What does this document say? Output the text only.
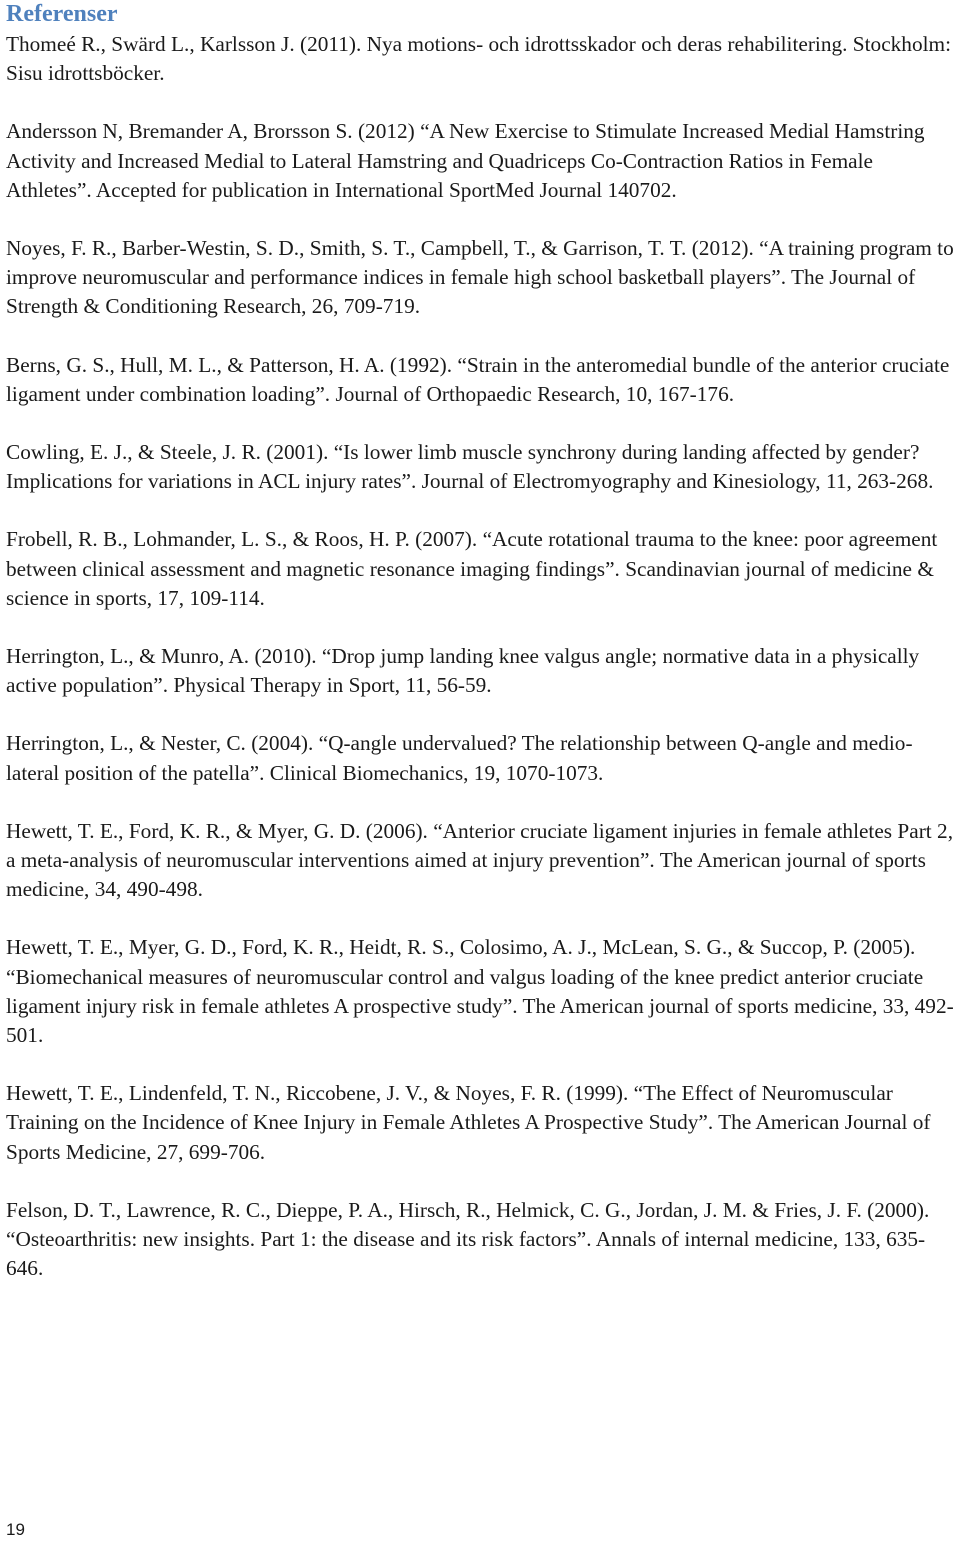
Referenser

Thomeé R., Swärd L., Karlsson J. (2011). Nya motions- och idrottsskador och deras rehabilitering. Stockholm: Sisu idrottsböcker.

Andersson N, Bremander A, Brorsson S. (2012) “A New Exercise to Stimulate Increased Medial Hamstring Activity and Increased Medial to Lateral Hamstring and Quadriceps Co-Contraction Ratios in Female Athletes”. Accepted for publication in International SportMed Journal 140702.

Noyes, F. R., Barber-Westin, S. D., Smith, S. T., Campbell, T., & Garrison, T. T. (2012). “A training program to improve neuromuscular and performance indices in female high school basketball players”. The Journal of Strength & Conditioning Research, 26, 709-719.

Berns, G. S., Hull, M. L., & Patterson, H. A. (1992). “Strain in the anteromedial bundle of the anterior cruciate ligament under combination loading”. Journal of Orthopaedic Research, 10, 167-176.

Cowling, E. J., & Steele, J. R. (2001). “Is lower limb muscle synchrony during landing affected by gender? Implications for variations in ACL injury rates”. Journal of Electromyography and Kinesiology, 11, 263-268.

Frobell, R. B., Lohmander, L. S., & Roos, H. P. (2007). “Acute rotational trauma to the knee: poor agreement between clinical assessment and magnetic resonance imaging findings”. Scandinavian journal of medicine & science in sports, 17, 109-114.

Herrington, L., & Munro, A. (2010). “Drop jump landing knee valgus angle; normative data in a physically active population”. Physical Therapy in Sport, 11, 56-59.

Herrington, L., & Nester, C. (2004). “Q-angle undervalued? The relationship between Q-angle and medio-lateral position of the patella”. Clinical Biomechanics, 19, 1070-1073.

Hewett, T. E., Ford, K. R., & Myer, G. D. (2006). “Anterior cruciate ligament injuries in female athletes Part 2, a meta-analysis of neuromuscular interventions aimed at injury prevention”. The American journal of sports medicine, 34, 490-498.

Hewett, T. E., Myer, G. D., Ford, K. R., Heidt, R. S., Colosimo, A. J., McLean, S. G., & Succop, P. (2005). “Biomechanical measures of neuromuscular control and valgus loading of the knee predict anterior cruciate ligament injury risk in female athletes A prospective study”. The American journal of sports medicine, 33, 492-501.

Hewett, T. E., Lindenfeld, T. N., Riccobene, J. V., & Noyes, F. R. (1999). “The Effect of Neuromuscular Training on the Incidence of Knee Injury in Female Athletes A Prospective Study”. The American Journal of Sports Medicine, 27, 699-706.

Felson, D. T., Lawrence, R. C., Dieppe, P. A., Hirsch, R., Helmick, C. G., Jordan, J. M. & Fries, J. F. (2000). “Osteoarthritis: new insights. Part 1: the disease and its risk factors”. Annals of internal medicine, 133, 635-646.

19
